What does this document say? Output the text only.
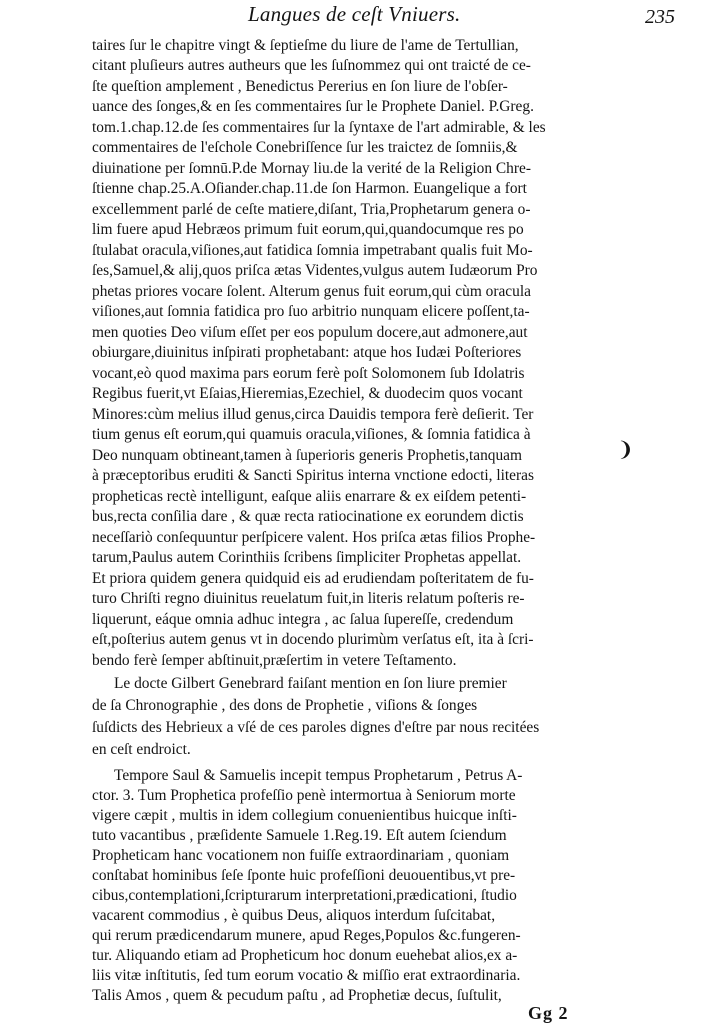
Langues de ceſt Vniuers.	235

taires ſur le chapitre vingt & ſeptieſme du liure de l'ame de Tertullian,

citant pluſieurs autres autheurs que les ſuſnommez qui ont traicté de ce-

ſte queſtion amplement , Benedictus Pererius en ſon liure de l'obſer-

uance des ſonges,& en ſes commentaires ſur le Prophete Daniel. P.Greg.

tom.1.chap.12.de ſes commentaires ſur la ſyntaxe de l'art admirable, & les

commentaires de l'eſchole Conebriſſence ſur les traictez de ſomniis,&

diuinatione per ſomnū.P.de Mornay liu.de la verité de la Religion Chre-

ſtienne chap.25.A.Oſiander.chap.11.de ſon Harmon. Euangelique a fort

excellemment parlé de ceſte matiere,diſant, Tria,Prophetarum genera o-

lim fuere apud Hebræos primum fuit eorum,qui,quandocumque res po

ſtulabat oracula,viſiones,aut fatidica ſomnia impetrabant qualis fuit Mo-

ſes,Samuel,& alij,quos priſca ætas Videntes,vulgus autem Iudæorum Pro

phetas priores vocare ſolent. Alterum genus fuit eorum,qui cùm oracula

viſiones,aut ſomnia fatidica pro ſuo arbitrio nunquam elicere poſſent,ta-

men quoties Deo viſum eſſet per eos populum docere,aut admonere,aut

obiurgare,diuinitus inſpirati prophetabant: atque hos Iudæi Poſteriores

vocant,eò quod maxima pars eorum ferè poſt Solomonem ſub Idolatris

Regibus fuerit,vt Eſaias,Hieremias,Ezechiel, & duodecim quos vocant

Minores:cùm melius illud genus,circa Dauidis tempora ferè deſierit. Ter

tium genus eſt eorum,qui quamuis oracula,viſiones, & ſomnia fatidica à

Deo nunquam obtineant,tamen à ſuperioris generis Prophetis,tanquam

à præceptoribus eruditi & Sancti Spiritus interna vnctione edocti, literas

propheticas rectè intelligunt, eaſque aliis enarrare & ex eiſdem petenti-

bus,recta conſilia dare , & quæ recta ratiocinatione ex eorundem dictis

neceſſariò conſequuntur perſpicere valent. Hos priſca ætas filios Prophe-

tarum,Paulus autem Corinthiis ſcribens ſimpliciter Prophetas appellat.

Et priora quidem genera quidquid eis ad erudiendam poſteritatem de fu-

turo Chriſti regno diuinitus reuelatum fuit,in literis relatum poſteris re-

liquerunt, eáque omnia adhuc integra , ac ſalua ſupereſſe, credendum

eſt,poſterius autem genus vt in docendo plurimùm verſatus eſt, ita à ſcri-

bendo ferè ſemper abſtinuit,præſertim in vetere Teſtamento.

Le docte Gilbert Genebrard faiſant mention en ſon liure premier

de ſa Chronographie , des dons de Prophetie , viſions & ſonges

ſuſdicts des Hebrieux a vſé de ces paroles dignes d'eſtre par nous recitées

en ceſt endroict.

Tempore Saul & Samuelis incepit tempus Prophetarum , Petrus A-

ctor. 3. Tum Prophetica profeſſio penè intermortua à Seniorum morte

vigere cæpit , multis in idem collegium conuenientibus huicque inſti-

tuto vacantibus , præſidente Samuele 1.Reg.19. Eſt autem ſciendum

Propheticam hanc vocationem non fuiſſe extraordinariam , quoniam

conſtabat hominibus ſeſe ſponte huic profeſſioni deuouentibus,vt pre-

cibus,contemplationi,ſcripturarum interpretationi,prædicationi, ſtudio

vacarent commodius , è quibus Deus, aliquos interdum ſuſcitabat,

qui rerum prædicendarum munere, apud Reges,Populos &c.fungeren-

tur. Aliquando etiam ad Propheticum hoc donum euehebat alios,ex a-

liis vitæ inſtitutis, ſed tum eorum vocatio & miſſio erat extraordinaria.

Talis Amos , quem & pecudum paſtu , ad Prophetiæ decus, ſuſtulit,

❩
Gg 2
